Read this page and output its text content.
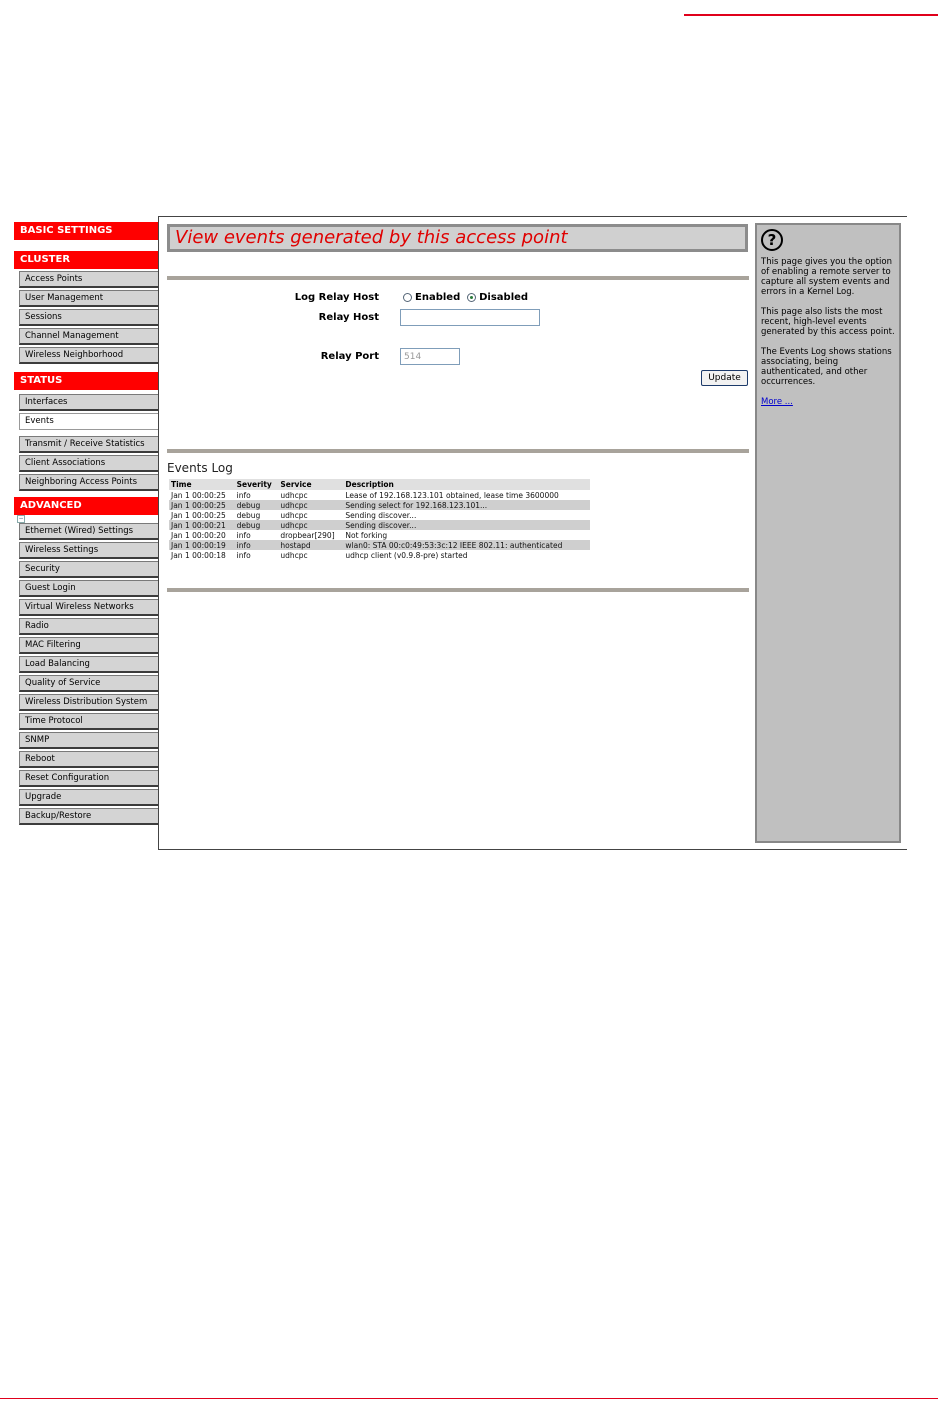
BASIC SETTINGS
CLUSTER
Access Points
User Management
Sessions
Channel Management
Wireless Neighborhood
STATUS
Interfaces
Events
Transmit / Receive Statistics
Client Associations
Neighboring Access Points
ADVANCED
−
Ethernet (Wired) Settings
Wireless Settings
Security
Guest Login
Virtual Wireless Networks
Radio
MAC Filtering
Load Balancing
Quality of Service
Wireless Distribution System
Time Protocol
SNMP
Reboot
Reset Configuration
Upgrade
Backup/Restore
View events generated by this access point
Log Relay Host	Enabled Disabled
Relay Host
Relay Port
514
Update
Events Log
Time	Severity	Service	Description
Jan 1 00:00:25	info	udhcpc	Lease of 192.168.123.101 obtained, lease time 3600000
Jan 1 00:00:25	debug	udhcpc	Sending select for 192.168.123.101...
Jan 1 00:00:25	debug	udhcpc	Sending discover...
Jan 1 00:00:21	debug	udhcpc	Sending discover...
Jan 1 00:00:20	info	dropbear[290]	Not forking
Jan 1 00:00:19	info	hostapd	wlan0: STA 00:c0:49:53:3c:12 IEEE 802.11: authenticated
Jan 1 00:00:18	info	udhcpc	udhcp client (v0.9.8-pre) started
?

This page gives you the option of enabling a remote server to capture all system events and errors in a Kernel Log.

This page also lists the most recent, high-level events generated by this access point.

The Events Log shows stations associating, being authenticated, and other occurrences.

More ...
